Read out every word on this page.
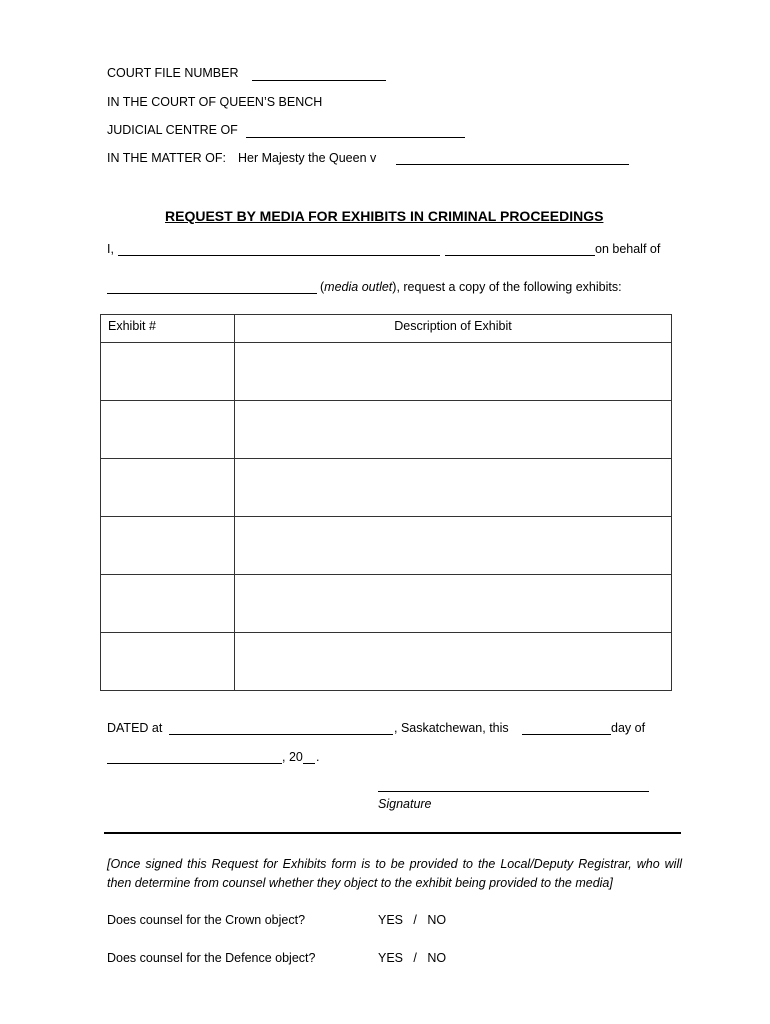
COURT FILE NUMBER
IN THE COURT OF QUEEN’S BENCH
JUDICIAL CENTRE OF
IN THE MATTER OF: Her Majesty the Queen v
REQUEST BY MEDIA FOR EXHIBITS IN CRIMINAL PROCEEDINGS
I,	on behalf of
(media outlet), request a copy of the following exhibits:
Exhibit #	Description of Exhibit

DATED at	, Saskatchewan, this	day of
, 20 .
Signature
[Once signed this Request for Exhibits form is to be provided to the Local/Deputy Registrar, who will then determine from counsel whether they object to the exhibit being provided to the media]
Does counsel for the Crown object?	YES   /   NO
Does counsel for the Defence object?	YES   /   NO
